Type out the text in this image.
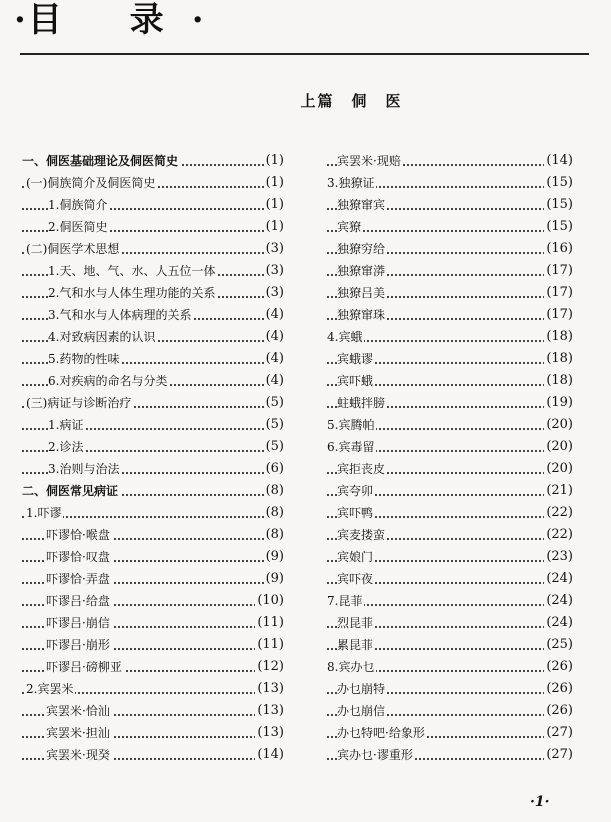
·目 录·
上篇　侗　医
一、侗医基础理论及侗医简史	(1)
(一)侗族简介及侗医简史	(1)
1.侗族简介	(1)
2.侗医简史	(1)
(二)侗医学术思想	(3)
1.天、地、气、水、人五位一体	(3)
2.气和水与人体生理功能的关系	(3)
3.气和水与人体病理的关系	(4)
4.对致病因素的认识	(4)
5.药物的性味	(4)
6.对疾病的命名与分类	(4)
(三)病证与诊断治疗	(5)
1.病证	(5)
2.诊法	(5)
3.治则与治法	(6)
二、侗医常见病证	(8)
1.吓谬	(8)
吓谬恰·喉盘	(8)
吓谬恰·叹盘	(9)
吓谬恰·弄盘	(9)
吓谬吕·给盘	(10)
吓谬吕·崩信	(11)
吓谬吕·崩形	(11)
吓谬吕·磅柳亚	(12)
2.宾罢米	(13)
宾罢米·恰汕	(13)
宾罢米·担汕	(13)
宾罢米·现癸	(14)
宾罢米·现赔	(14)
3.独獠证	(15)
独獠窜宾	(15)
宾獠	(15)
独獠穷给	(16)
独獠窜漭	(17)
独獠吕美	(17)
独獠窜珠	(17)
4.宾蛾	(18)
宾蛾谬	(18)
宾吓蛾	(18)
蛀蛾拌膀	(19)
5.宾腾帕	(20)
6.宾毒留	(20)
宾拒丧皮	(20)
宾夸卯	(21)
宾吓鸭	(22)
宾麦搂蛮	(22)
宾娘门	(23)
宾吓夜	(24)
7.昆菲	(24)
烈昆菲	(24)
累昆菲	(25)
8.宾办乜	(26)
办乜崩特	(26)
办乜崩信	(26)
办乜特吧·给象形	(27)
宾办乜·谬重形	(27)
·1·
